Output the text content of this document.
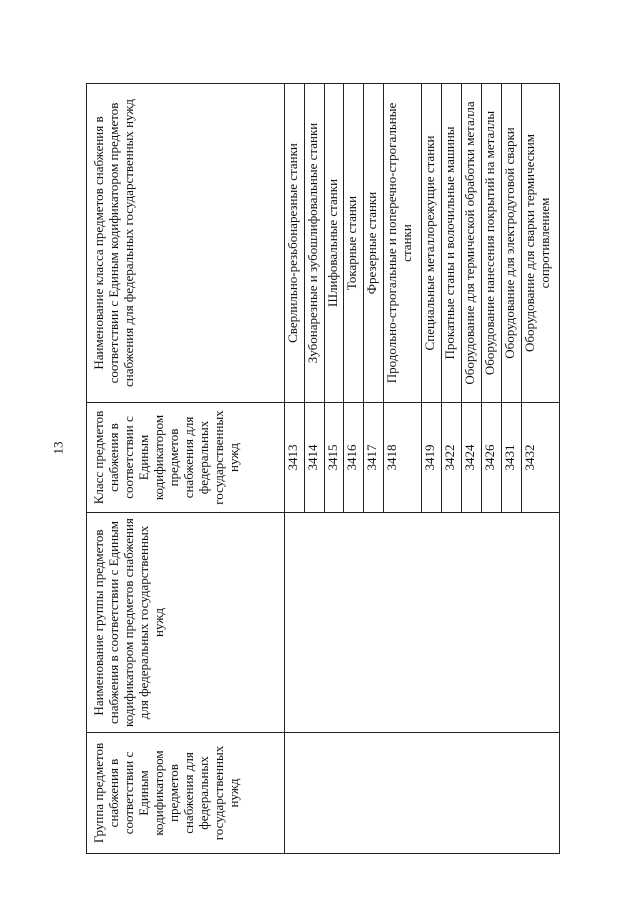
13
Группа предметов снабжения в соответствии с Единым кодификатором предметов снабжения для федеральных государственных нужд	Наименование группы предметов снабжения в соответствии с Единым кодификатором предметов снабжения для федеральных государственных нужд	Класс предметов снабжения в соответствии с Единым кодификатором предметов снабжения для федеральных государственных нужд	Наименование класса предметов снабжения в соответствии с Единым кодификатором предметов снабжения для федеральных государственных нужд
		3413	Сверлильно-резьбонарезные станки
		3414	Зубонарезные и зубошлифовальные станки
		3415	Шлифовальные станки
		3416	Токарные станки
		3417	Фрезерные станки
		3418	Продольно-строгальные и поперечно-строгальные станки
		3419	Специальные металлорежущие станки
		3422	Прокатные станы и волочильные машины
		3424	Оборудование для термической обработки металла
		3426	Оборудование нанесения покрытий на металлы
		3431	Оборудование для электродуговой сварки
		3432	Оборудование для сварки термическим сопротивлением
